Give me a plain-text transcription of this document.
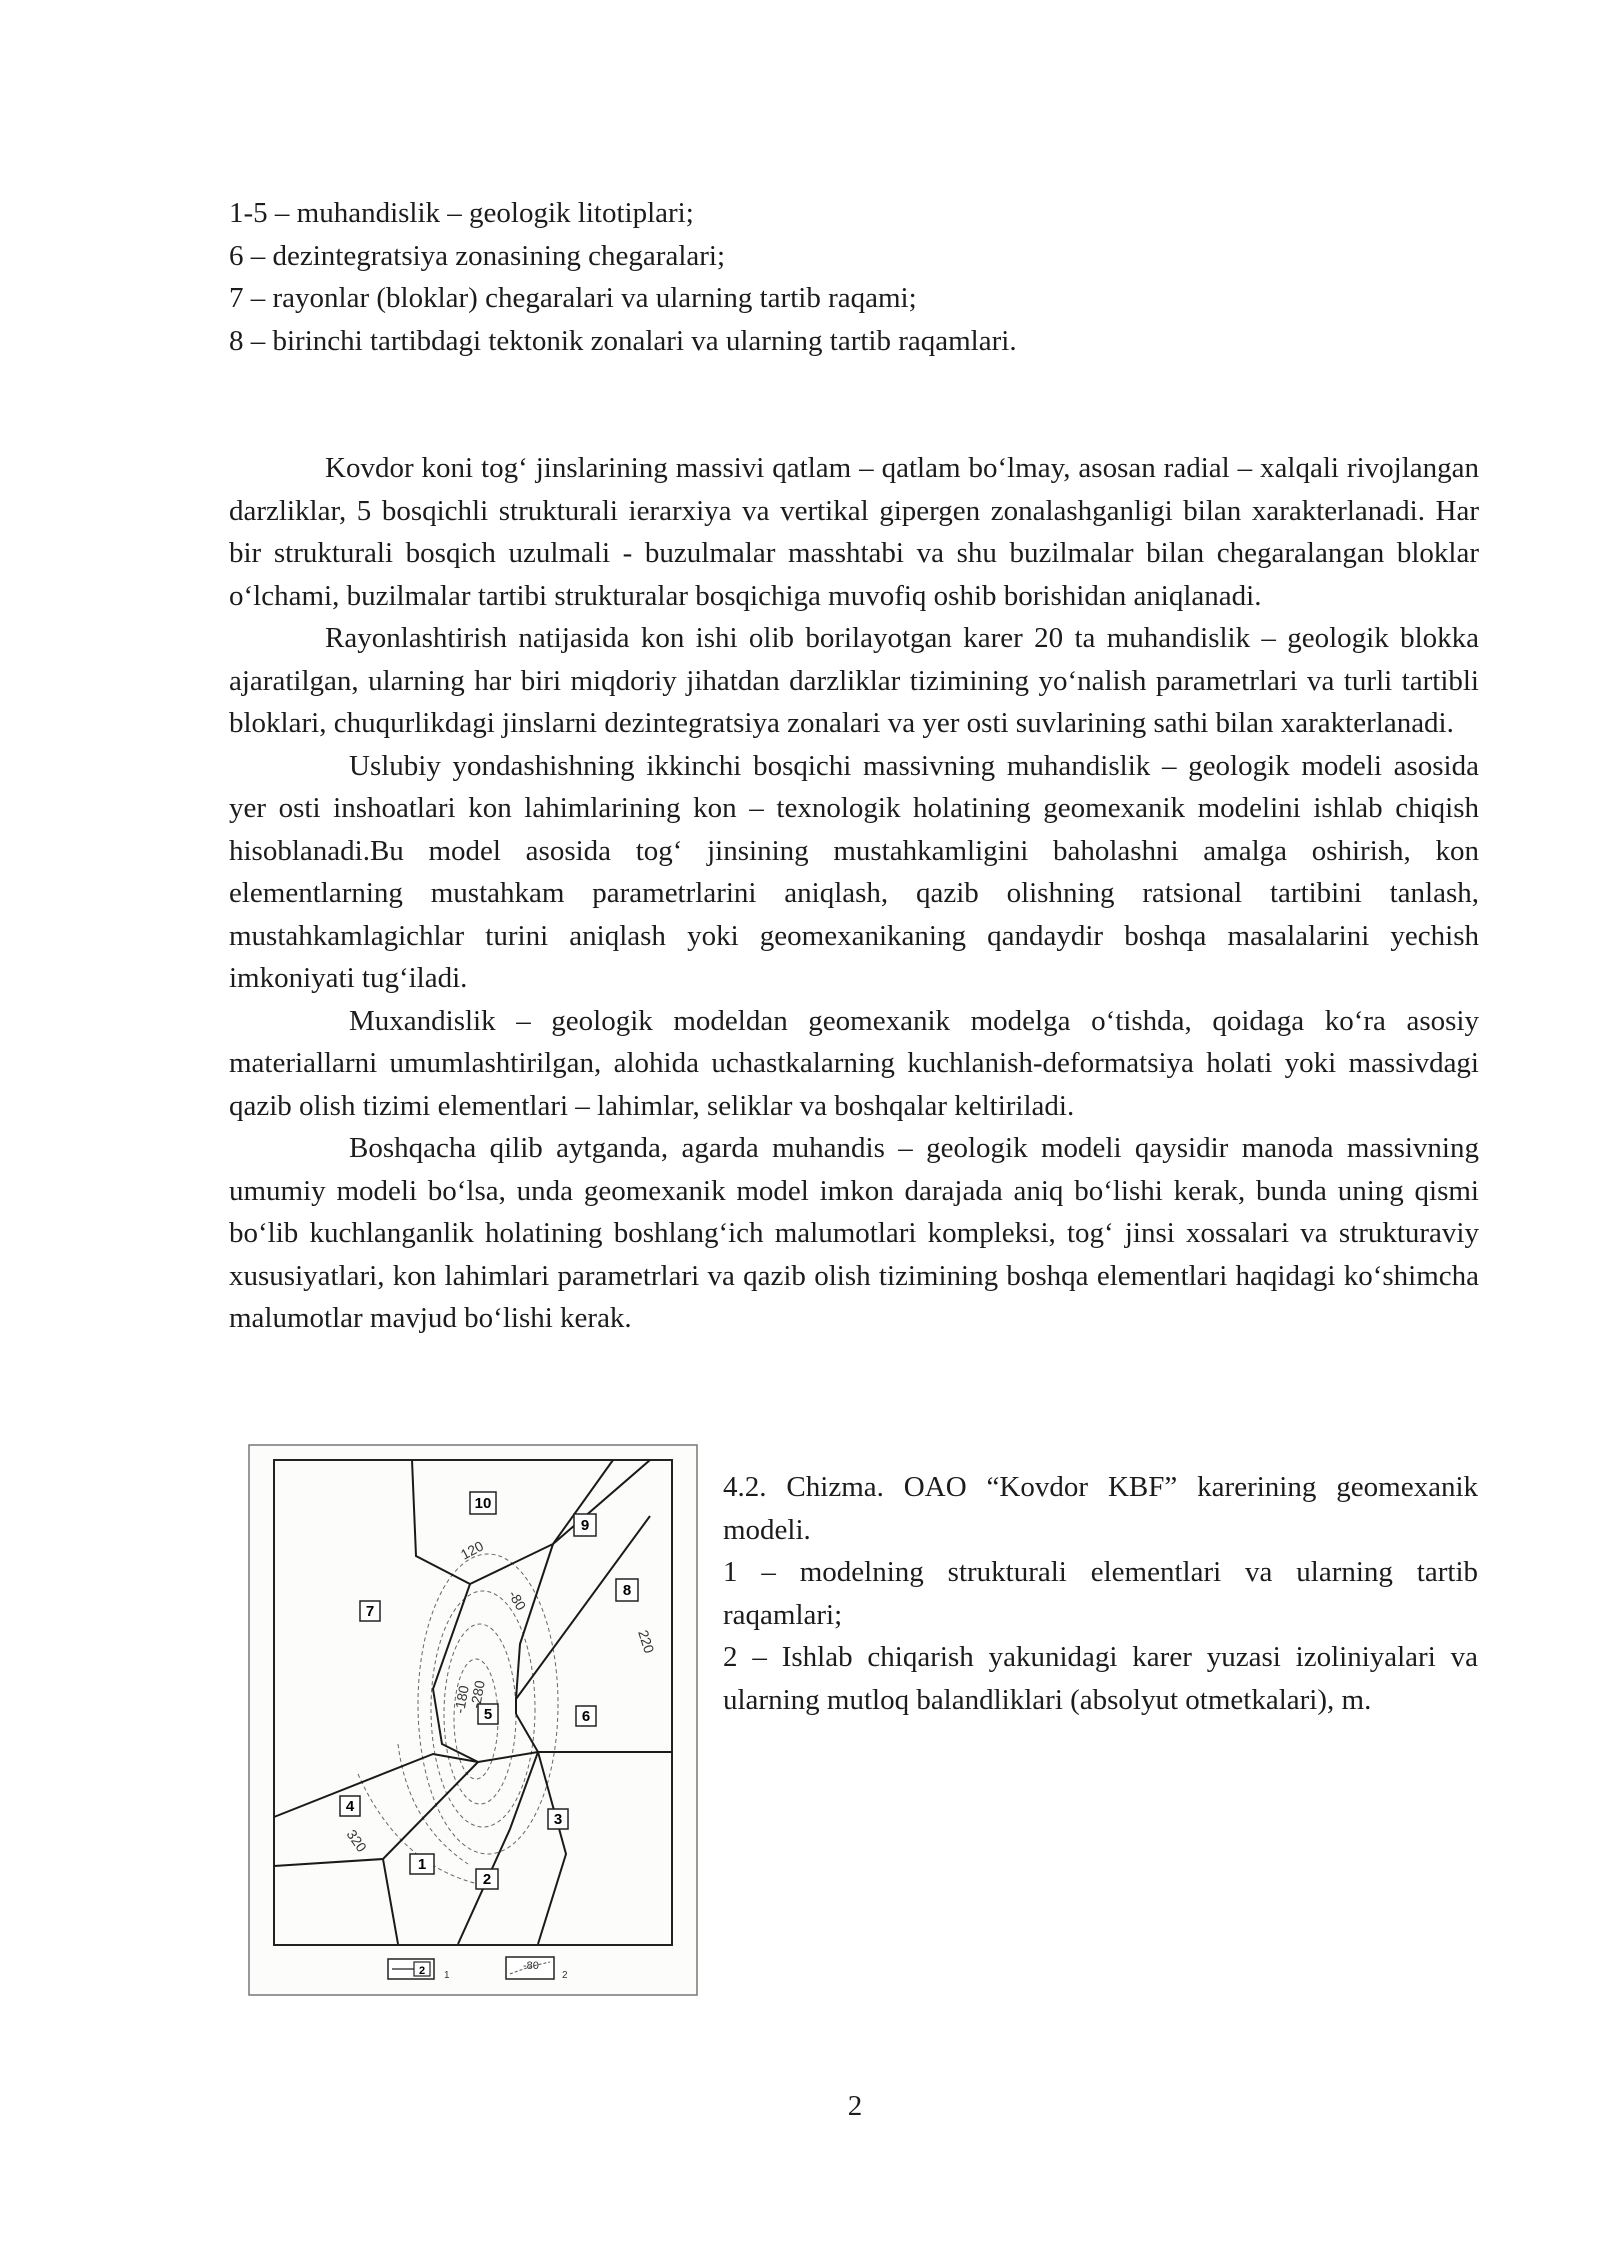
1-5 – muhandislik – geologik litotiplari;
6 – dezintegratsiya zonasining chegaralari;
7 – rayonlar (bloklar) chegaralari va ularning tartib raqami;
8 – birinchi tartibdagi tektonik zonalari va ularning tartib raqamlari.

Kovdor koni tog‘ jinslarining massivi qatlam – qatlam bo‘lmay, asosan radial – xalqali rivojlangan darzliklar, 5 bosqichli strukturali ierarxiya va vertikal gipergen zonalashganligi bilan xarakterlanadi. Har bir strukturali bosqich uzulmali - buzulmalar masshtabi va shu buzilmalar bilan chegaralangan bloklar o‘lchami, buzilmalar tartibi strukturalar bosqichiga muvofiq oshib borishidan aniqlanadi.

Rayonlashtirish natijasida kon ishi olib borilayotgan karer 20 ta muhandislik – geologik blokka ajaratilgan, ularning har biri miqdoriy jihatdan darzliklar tizimining yo‘nalish parametrlari va turli tartibli bloklari, chuqurlikdagi jinslarni dezintegratsiya zonalari va yer osti suvlarining sathi bilan xarakterlanadi.

Uslubiy yondashishning ikkinchi bosqichi massivning muhandislik – geologik modeli asosida yer osti inshoatlari kon lahimlarining kon – texnologik holatining geomexanik modelini ishlab chiqish hisoblanadi.Bu model asosida tog‘ jinsining mustahkamligini baholashni amalga oshirish, kon elementlarning mustahkam parametrlarini aniqlash, qazib olishning ratsional tartibini tanlash, mustahkamlagichlar turini aniqlash yoki geomexanikaning qandaydir boshqa masalalarini yechish imkoniyati tug‘iladi.

Muxandislik – geologik modeldan geomexanik modelga o‘tishda, qoidaga ko‘ra asosiy materiallarni umumlashtirilgan, alohida uchastkalarning kuchlanish-deformatsiya holati yoki massivdagi qazib olish tizimi elementlari – lahimlar, seliklar va boshqalar keltiriladi.

Boshqacha qilib aytganda, agarda muhandis – geologik modeli qaysidir manoda massivning umumiy modeli bo‘lsa, unda geomexanik model imkon darajada aniq bo‘lishi kerak, bunda uning qismi bo‘lib kuchlanganlik holatining boshlang‘ich malumotlari kompleksi, tog‘ jinsi xossalari va strukturaviy xususiyatlari, kon lahimlari parametrlari va qazib olish tizimining boshqa elementlari haqidagi ko‘shimcha malumotlar mavjud bo‘lishi kerak.

10
9
8
7
5	6
4
3
1
2
120
-80
220
-180
-280
320
2 1
-80
2

4.2. Chizma. OAO “Kovdor KBF” karerining geomexanik modeli.

1 – modelning strukturali elementlari va ularning tartib raqamlari;

2 – Ishlab chiqarish yakunidagi karer yuzasi izoliniyalari va ularning mutloq balandliklari (absolyut otmetkalari), m.

2
